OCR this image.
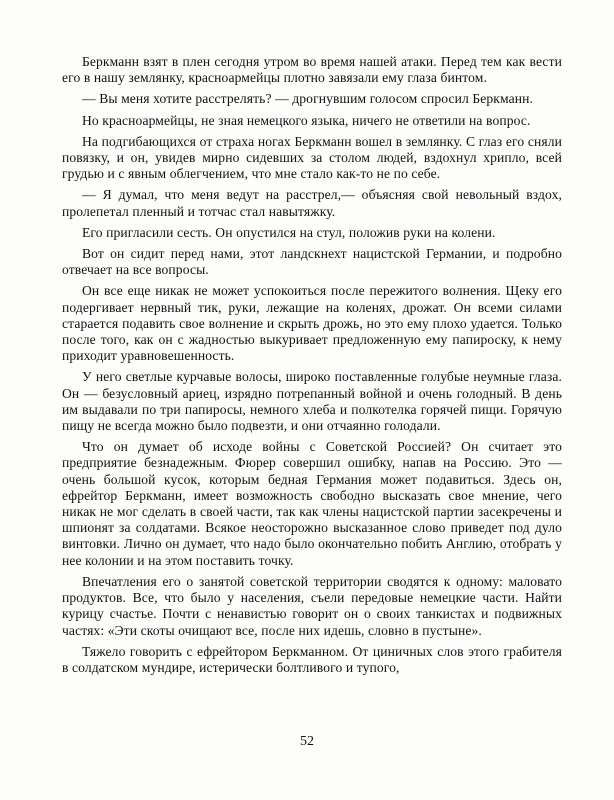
Беркманн взят в плен сегодня утром во время нашей атаки. Перед тем как вести его в нашу землянку, красноармейцы плотно завязали ему глаза бинтом.

— Вы меня хотите расстрелять? — дрогнувшим голосом спросил Беркманн.

Но красноармейцы, не зная немецкого языка, ничего не ответили на вопрос.

На подгибающихся от страха ногах Беркманн вошел в землянку. С глаз его сняли повязку, и он, увидев мирно сидевших за столом людей, вздохнул хрипло, всей грудью и с явным облегчением, что мне стало как-то не по себе.

— Я думал, что меня ведут на расстрел,— объясняя свой невольный вздох, пролепетал пленный и тотчас стал навытяжку.

Его пригласили сесть. Он опустился на стул, положив руки на колени.

Вот он сидит перед нами, этот ландскнехт нацистской Германии, и подробно отвечает на все вопросы.

Он все еще никак не может успокоиться после пережитого волнения. Щеку его подергивает нервный тик, руки, лежащие на коленях, дрожат. Он всеми силами старается подавить свое волнение и скрыть дрожь, но это ему плохо удается. Только после того, как он с жадностью выкуривает предложенную ему папироску, к нему приходит уравновешенность.

У него светлые курчавые волосы, широко поставленные голубые неумные глаза. Он — безусловный ариец, изрядно потрепанный войной и очень голодный. В день им выдавали по три папиросы, немного хлеба и полкотелка горячей пищи. Горячую пищу не всегда можно было подвезти, и они отчаянно голодали.

Что он думает об исходе войны с Советской Россией? Он считает это предприятие безнадежным. Фюрер совершил ошибку, напав на Россию. Это — очень большой кусок, которым бедная Германия может подавиться. Здесь он, ефрейтор Беркманн, имеет возможность свободно высказать свое мнение, чего никак не мог сделать в своей части, так как члены нацистской партии засекречены и шпионят за солдатами. Всякое неосторожно высказанное слово приведет под дуло винтовки. Лично он думает, что надо было окончательно побить Англию, отобрать у нее колонии и на этом поставить точку.

Впечатления его о занятой советской территории сводятся к одному: маловато продуктов. Все, что было у населения, съели передовые немецкие части. Найти курицу счастье. Почти с ненавистью говорит он о своих танкистах и подвижных частях: «Эти скоты очищают все, после них идешь, словно в пустыне».

Тяжело говорить с ефрейтором Беркманном. От циничных слов этого грабителя в солдатском мундире, истерически болтливого и тупого,

52
